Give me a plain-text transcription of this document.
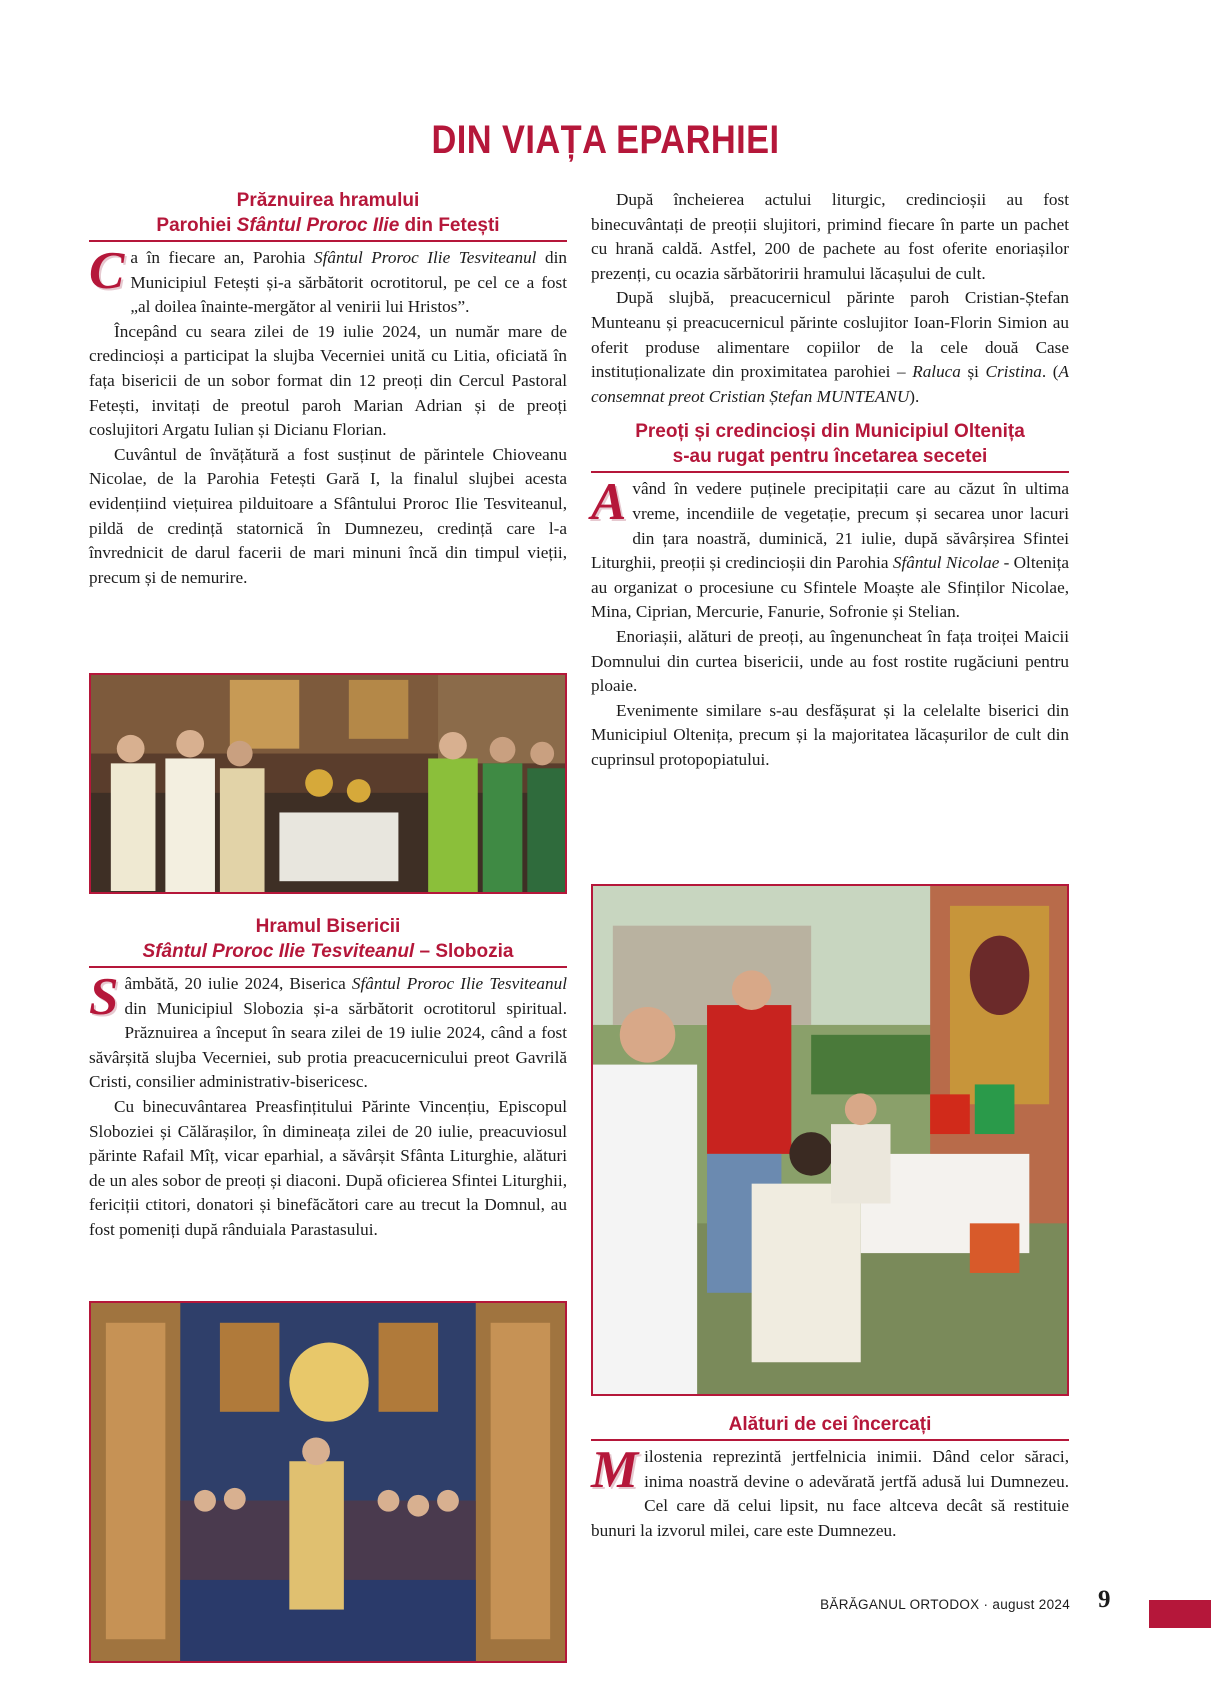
DIN VIAȚA EPARHIEI
Prăznuirea hramului
Parohiei Sfântul Proroc Ilie din Fetești

Ca în fiecare an, Parohia Sfântul Proroc Ilie Tesviteanul din Municipiul Fetești și-a sărbătorit ocrotitorul, pe cel ce a fost „al doilea înainte-mergător al venirii lui Hristos”.

Începând cu seara zilei de 19 iulie 2024, un număr mare de credincioși a participat la slujba Vecerniei unită cu Litia, oficiată în fața bisericii de un sobor format din 12 preoți din Cercul Pastoral Fetești, invitați de preotul paroh Marian Adrian și de preoți coslujitori Argatu Iulian și Dicianu Florian.

Cuvântul de învățătură a fost susținut de părintele Chioveanu Nicolae, de la Parohia Fetești Gară I, la finalul slujbei acesta evidențiind viețuirea pilduitoare a Sfântului Proroc Ilie Tesviteanul, pildă de credință statornică în Dumnezeu, credință care l-a învrednicit de darul facerii de mari minuni încă din timpul vieții, precum și de nemurire.

Hramul Bisericii
Sfântul Proroc Ilie Tesviteanul – Slobozia

Sâmbătă, 20 iulie 2024, Biserica Sfântul Proroc Ilie Tesviteanul din Municipiul Slobozia și-a sărbătorit ocrotitorul spiritual. Prăznuirea a început în seara zilei de 19 iulie 2024, când a fost săvârșită slujba Vecerniei, sub protia preacucernicului preot Gavrilă Cristi, consilier administrativ-bisericesc.

Cu binecuvântarea Preasfințitului Părinte Vincențiu, Episcopul Sloboziei și Călărașilor, în dimineața zilei de 20 iulie, preacuviosul părinte Rafail Mîț, vicar eparhial, a săvârșit Sfânta Liturghie, alături de un ales sobor de preoți și diaconi. După oficierea Sfintei Liturghii, fericiții ctitori, donatori și binefăcători care au trecut la Domnul, au fost pomeniți după rânduiala Parastasului.

După încheierea actului liturgic, credincioșii au fost binecuvântați de preoții slujitori, primind fiecare în parte un pachet cu hrană caldă. Astfel, 200 de pachete au fost oferite enoriașilor prezenți, cu ocazia sărbătoririi hramului lăcașului de cult.

După slujbă, preacucernicul părinte paroh Cristian-Ștefan Munteanu și preacucernicul părinte coslujitor Ioan-Florin Simion au oferit produse alimentare copiilor de la cele două Case instituționalizate din proximitatea parohiei – Raluca și Cristina. (A consemnat preot Cristian Ștefan MUNTEANU).

Preoți și credincioși din Municipiul Oltenița
s-au rugat pentru încetarea secetei

Având în vedere puținele precipitații care au căzut în ultima vreme, incendiile de vegetație, precum și secarea unor lacuri din țara noastră, duminică, 21 iulie, după săvârșirea Sfintei Liturghii, preoții și credincioșii din Parohia Sfântul Nicolae - Oltenița au organizat o procesiune cu Sfintele Moaște ale Sfinților Nicolae, Mina, Ciprian, Mercurie, Fanurie, Sofronie și Stelian.

Enoriașii, alături de preoți, au îngenuncheat în fața troiței Maicii Domnului din curtea bisericii, unde au fost rostite rugăciuni pentru ploaie.

Evenimente similare s-au desfășurat și la celelalte biserici din Municipiul Oltenița, precum și la majoritatea lăcașurilor de cult din cuprinsul protopopiatului.

Alături de cei încercați

Milostenia reprezintă jertfelnicia inimii. Dând celor săraci, inima noastră devine o adevărată jertfă adusă lui Dumnezeu. Cel care dă celui lipsit, nu face altceva decât să restituie bunuri la izvorul milei, care este Dumnezeu.

BĂRĂGANUL ORTODOX · august 2024 9
